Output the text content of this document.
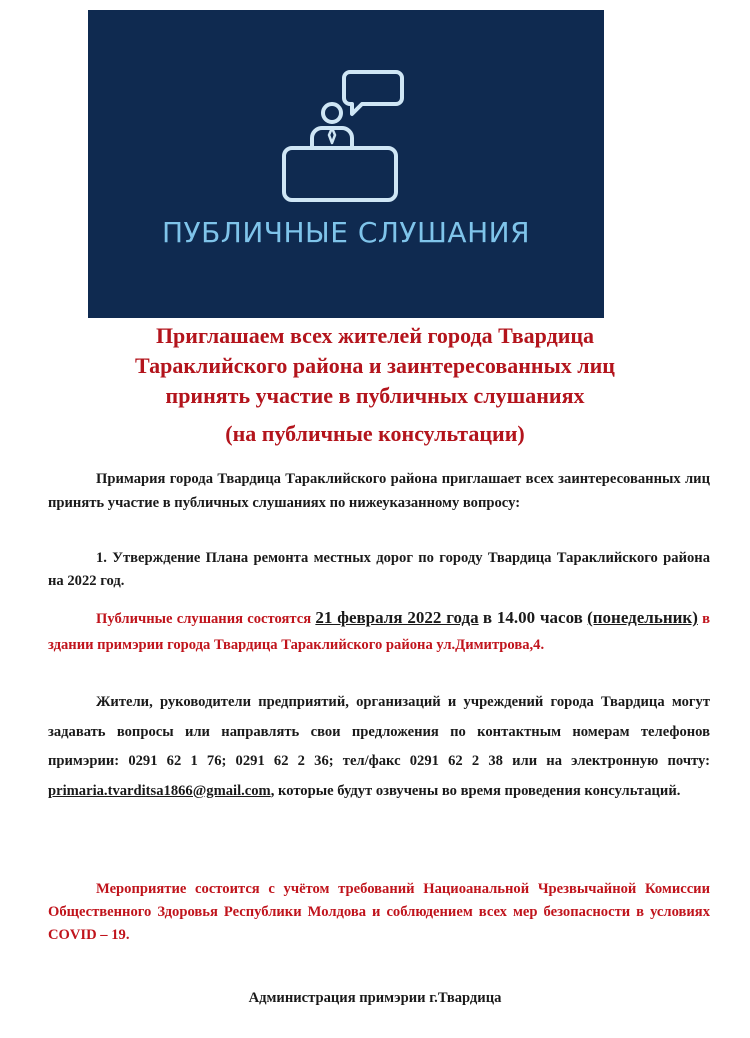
ПУБЛИЧНЫЕ СЛУШАНИЯ
Приглашаем всех жителей города Твардица
Тараклийского района и заинтересованных лиц
принять участие в публичных слушаниях
(на публичные консультации)
Примария города Твардица Тараклийского района приглашает всех заинтересованных лиц принять участие в публичных слушаниях по нижеуказанному вопросу:
1. Утверждение Плана ремонта местных дорог по городу Твардица Тараклийского района на 2022 год.
Публичные слушания состоятся 21 февраля 2022 года в 14.00 часов (понедельник) в здании примэрии города Твардица Тараклийского района ул.Димитрова,4.
Жители, руководители предприятий, организаций и учреждений города Твардица могут задавать вопросы или направлять свои предложения по контактным номерам телефонов примэрии: 0291 62 1 76; 0291 62 2 36; тел/факс 0291 62 2 38 или на электронную почту: primaria.tvarditsa1866@gmail.com, которые будут озвучены во время проведения консультаций.
Мероприятие состоится с учётом требований Нациоанальной Чрезвычайной Комиссии Общественного Здоровья Республики Молдова и соблюдением всех мер безопасности в условиях COVID – 19.
Администрация примэрии г.Твардица
